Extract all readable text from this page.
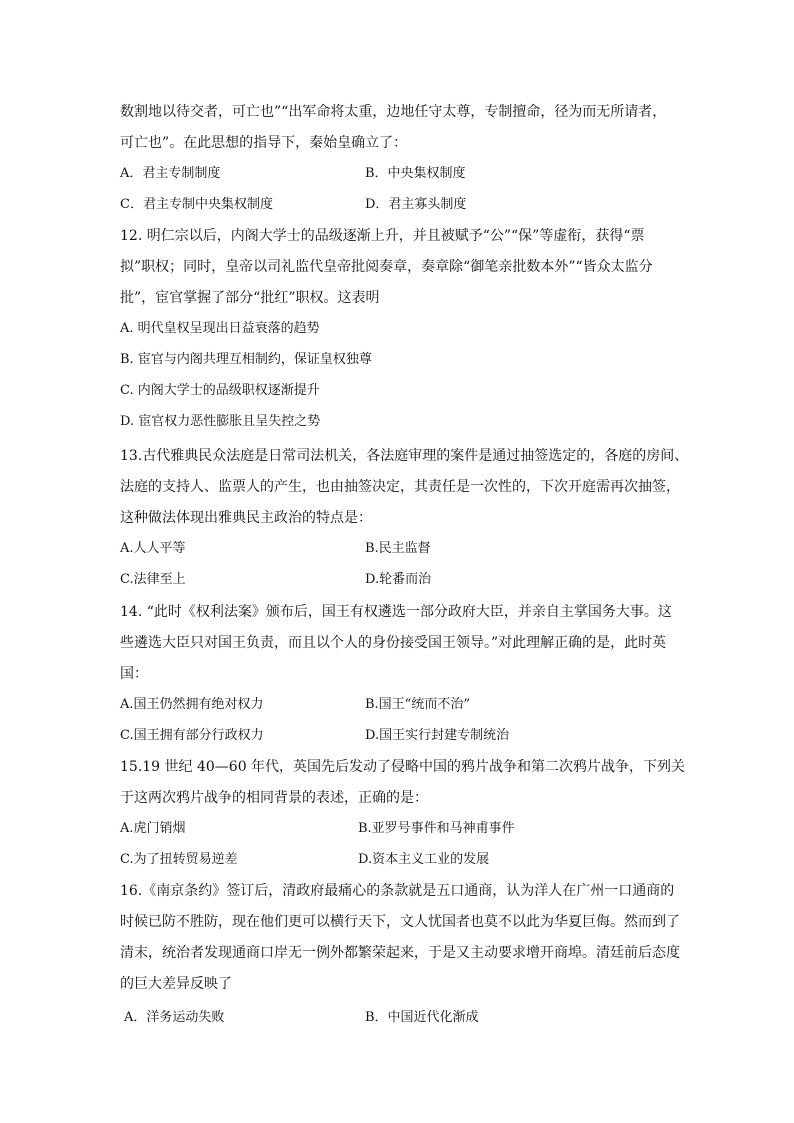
数割地以待交者，可亡也”“出军命将太重，边地任守太尊，专制擅命，径为而无所请者，
可亡也”。在此思想的指导下，秦始皇确立了：
A．君主专制制度	B．中央集权制度
C．君主专制中央集权制度	D．君主寡头制度
12. 明仁宗以后，内阁大学士的品级逐渐上升，并且被赋予“公”“保”等虚衔，获得“票
拟”职权；同时，皇帝以司礼监代皇帝批阅奏章，奏章除“御笔亲批数本外”“皆众太监分
批”，宦官掌握了部分“批红”职权。这表明
A. 明代皇权呈现出日益衰落的趋势
B. 宦官与内阁共理互相制约，保证皇权独尊
C. 内阁大学士的品级职权逐渐提升
D. 宦官权力恶性膨胀且呈失控之势
13.古代雅典民众法庭是日常司法机关，各法庭审理的案件是通过抽签选定的，各庭的房间、
法庭的支持人、监票人的产生，也由抽签决定，其责任是一次性的，下次开庭需再次抽签，
这种做法体现出雅典民主政治的特点是：
A.人人平等	B.民主监督
C.法律至上	D.轮番而治
14. “此时《权利法案》颁布后，国王有权遴选一部分政府大臣，并亲自主掌国务大事。这
些遴选大臣只对国王负责，而且以个人的身份接受国王领导。”对此理解正确的是，此时英
国：
A.国王仍然拥有绝对权力	B.国王“统而不治”
C.国王拥有部分行政权力	D.国王实行封建专制统治
15.19 世纪 40—60 年代，英国先后发动了侵略中国的鸦片战争和第二次鸦片战争，下列关
于这两次鸦片战争的相同背景的表述，正确的是：
A.虎门销烟	B.亚罗号事件和马神甫事件
C.为了扭转贸易逆差	D.资本主义工业的发展
16.《南京条约》签订后，清政府最痛心的条款就是五口通商，认为洋人在广州一口通商的
时候已防不胜防，现在他们更可以横行天下，文人忧国者也莫不以此为华夏巨侮。然而到了
清末，统治者发现通商口岸无一例外都繁荣起来，于是又主动要求增开商埠。清廷前后态度
的巨大差异反映了
A．洋务运动失败	B．中国近代化渐成
